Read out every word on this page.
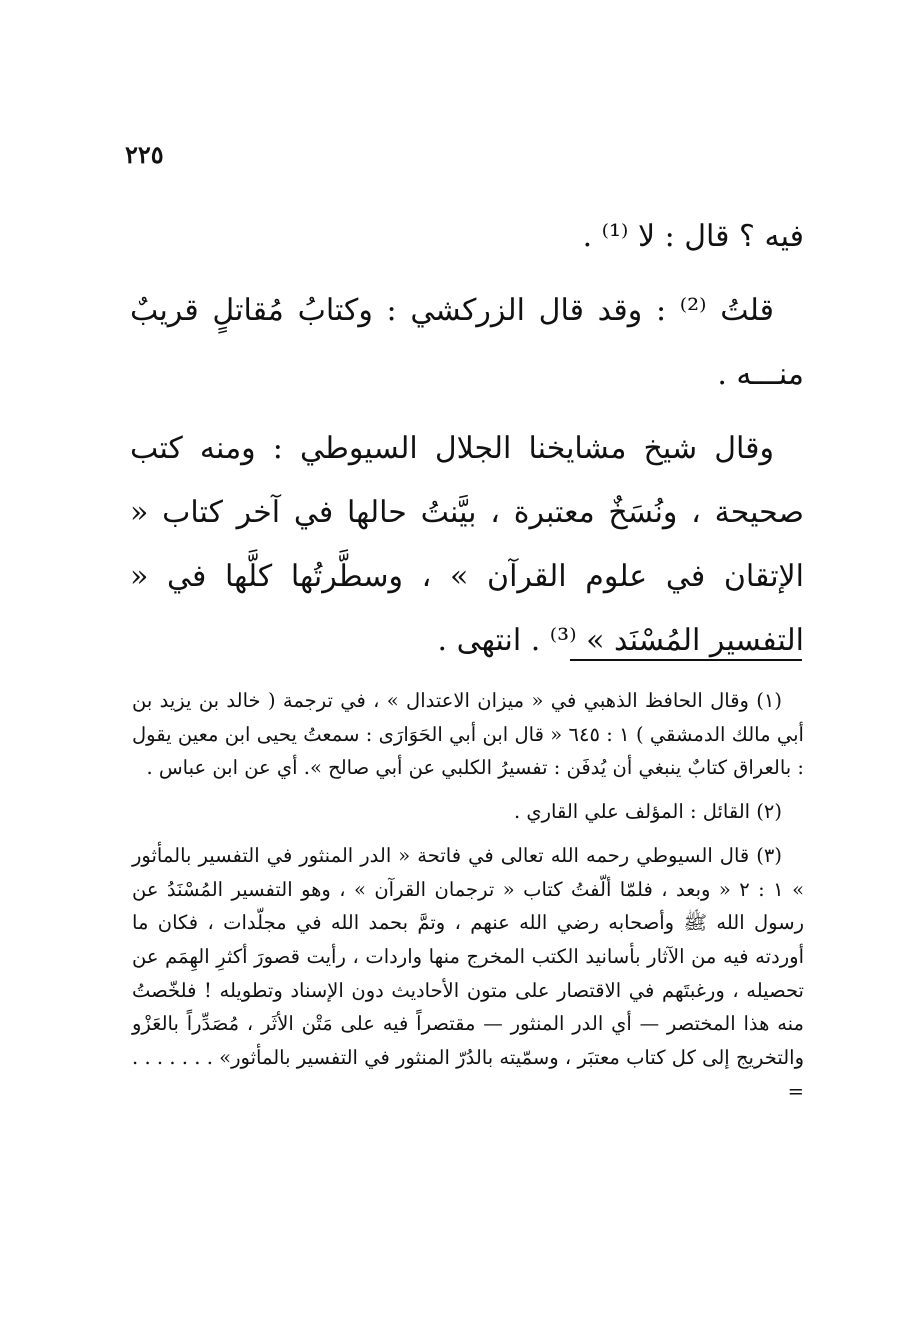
٢٢٥

فيه ؟ قال : لا ⁽¹⁾ .

قلتُ ⁽²⁾ : وقد قال الزركشي : وكتابُ مُقاتلٍ قريبٌ منـــه .

وقال شيخ مشايخنا الجلال السيوطي : ومنه كتب صحيحة ، ونُسَخٌ معتبرة ، بيَّنتُ حالها في آخر كتاب « الإتقان في علوم القرآن » ، وسطَّرتُها كلَّها في « التفسير المُسْنَد » ⁽³⁾ . انتهى .

(١) وقال الحافظ الذهبي في « ميزان الاعتدال » ، في ترجمة ( خالد بن يزيد بن أبي مالك الدمشقي ) ١ : ٦٤٥ « قال ابن أبي الحَوَارَى : سمعتُ يحيى ابن معين يقول : بالعراق كتابٌ ينبغي أن يُدفَن : تفسيرُ الكلبي عن أبي صالح ». أي عن ابن عباس .

(٢) القائل : المؤلف علي القاري .

(٣) قال السيوطي رحمه الله تعالى في فاتحة « الدر المنثور في التفسير بالمأثور » ١ : ٢ « وبعد ، فلمّا ألّفتُ كتاب « ترجمان القرآن » ، وهو التفسير المُسْنَدُ عن رسول الله ﷺ وأصحابه رضي الله عنهم ، وتمَّ بحمد الله في مجلّدات ، فكان ما أوردته فيه من الآثار بأسانيد الكتب المخرج منها واردات ، رأيت قصورَ أكثرِ الهِمَم عن تحصيله ، ورغبتَهم في الاقتصار على متون الأحاديث دون الإسناد وتطويله ! فلخّصتُ منه هذا المختصر — أي الدر المنثور — مقتصراً فيه على مَتْن الأثَر ، مُصَدِّراً بالعَزْو والتخريج إلى كل كتاب معتبَر ، وسمّيته بالدُرّ المنثور في التفسير بالمأثور» . . . . . . . =
